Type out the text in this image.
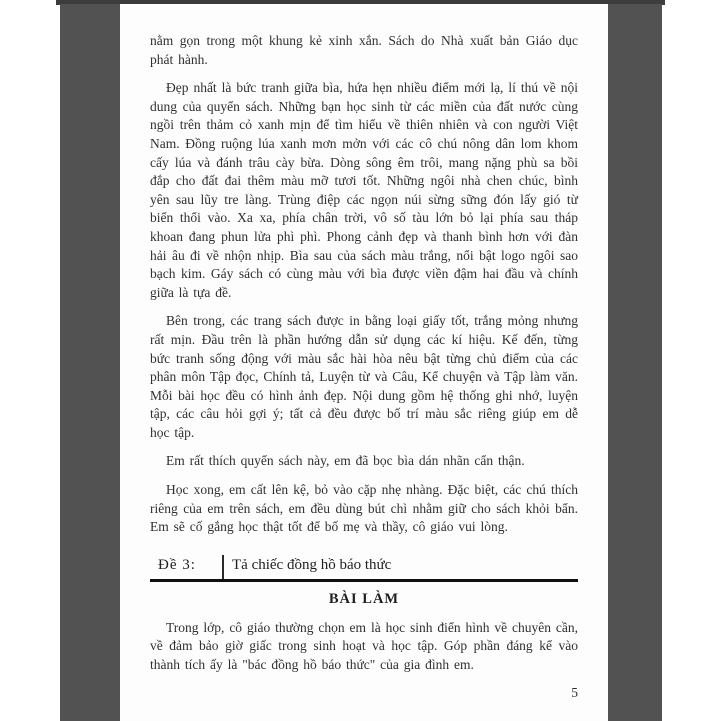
nằm gọn trong một khung kẻ xinh xắn. Sách do Nhà xuất bản Giáo dục phát hành.

Đẹp nhất là bức tranh giữa bìa, hứa hẹn nhiều điểm mới lạ, lí thú về nội dung của quyển sách. Những bạn học sinh từ các miền của đất nước cùng ngồi trên thảm cỏ xanh mịn để tìm hiểu về thiên nhiên và con người Việt Nam. Đồng ruộng lúa xanh mơn mởn với các cô chú nông dân lom khom cấy lúa và đánh trâu cày bừa. Dòng sông êm trôi, mang nặng phù sa bồi đắp cho đất đai thêm màu mỡ tươi tốt. Những ngôi nhà chen chúc, bình yên sau lũy tre làng. Trùng điệp các ngọn núi sừng sững đón lấy gió từ biển thổi vào. Xa xa, phía chân trời, vô số tàu lớn bỏ lại phía sau tháp khoan đang phun lửa phì phì. Phong cảnh đẹp và thanh bình hơn với đàn hải âu đi về nhộn nhịp. Bìa sau của sách màu trắng, nổi bật logo ngôi sao bạch kim. Gáy sách có cùng màu với bìa được viền đậm hai đầu và chính giữa là tựa đề.

Bên trong, các trang sách được in bằng loại giấy tốt, trắng mỏng nhưng rất mịn. Đầu trên là phần hướng dẫn sử dụng các kí hiệu. Kế đến, từng bức tranh sống động với màu sắc hài hòa nêu bật từng chủ điểm của các phân môn Tập đọc, Chính tả, Luyện từ và Câu, Kể chuyện và Tập làm văn. Mỗi bài học đều có hình ảnh đẹp. Nội dung gồm hệ thống ghi nhớ, luyện tập, các câu hỏi gợi ý; tất cả đều được bố trí màu sắc riêng giúp em dễ học tập.

Em rất thích quyển sách này, em đã bọc bìa dán nhãn cẩn thận.

Học xong, em cất lên kệ, bỏ vào cặp nhẹ nhàng. Đặc biệt, các chú thích riêng của em trên sách, em đều dùng bút chì nhằm giữ cho sách khỏi bẩn. Em sẽ cố gắng học thật tốt để bố mẹ và thầy, cô giáo vui lòng.

Đề 3:	Tả chiếc đồng hồ báo thức
BÀI LÀM

Trong lớp, cô giáo thường chọn em là học sinh điển hình về chuyên cần, về đảm bảo giờ giấc trong sinh hoạt và học tập. Góp phần đáng kể vào thành tích ấy là "bác đồng hồ báo thức" của gia đình em.

5
